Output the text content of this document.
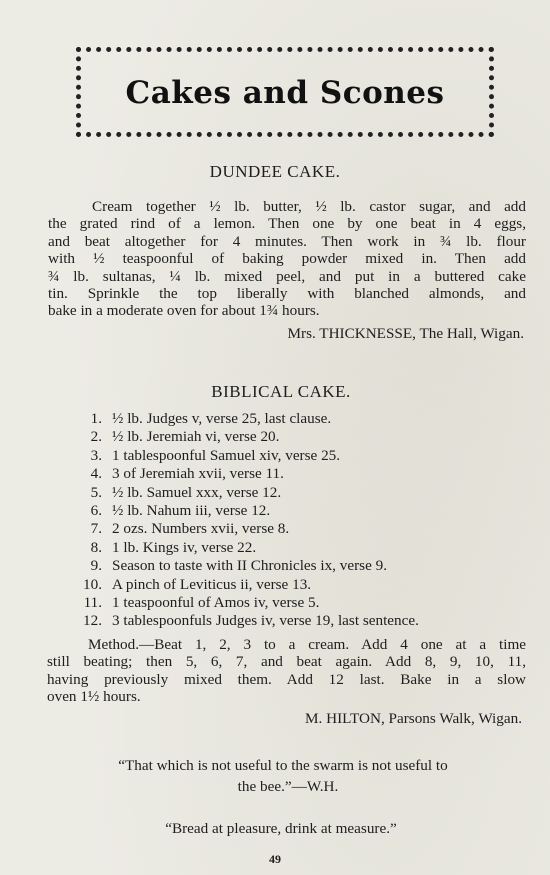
Cakes and Scones
DUNDEE CAKE.
Cream together ½ lb. butter, ½ lb. castor sugar, and add
the grated rind of a lemon. Then one by one beat in 4 eggs,
and beat altogether for 4 minutes. Then work in ¾ lb. flour
with ½ teaspoonful of baking powder mixed in. Then add
¾ lb. sultanas, ¼ lb. mixed peel, and put in a buttered cake
tin. Sprinkle the top liberally with blanched almonds, and
bake in a moderate oven for about 1¾ hours.
Mrs. THICKNESSE, The Hall, Wigan.
BIBLICAL CAKE.
1. ½ lb. Judges v, verse 25, last clause.
2. ½ lb. Jeremiah vi, verse 20.
3. 1 tablespoonful Samuel xiv, verse 25.
4. 3 of Jeremiah xvii, verse 11.
5. ½ lb. Samuel xxx, verse 12.
6. ½ lb. Nahum iii, verse 12.
7. 2 ozs. Numbers xvii, verse 8.
8. 1 lb. Kings iv, verse 22.
9. Season to taste with II Chronicles ix, verse 9.
10. A pinch of Leviticus ii, verse 13.
11. 1 teaspoonful of Amos iv, verse 5.
12. 3 tablespoonfuls Judges iv, verse 19, last sentence.
Method.—Beat 1, 2, 3 to a cream. Add 4 one at a time
still beating; then 5, 6, 7, and beat again. Add 8, 9, 10, 11,
having previously mixed them. Add 12 last. Bake in a slow
oven 1½ hours.
M. HILTON, Parsons Walk, Wigan.
“That which is not useful to the swarm is not useful to
the bee.”—W.H.
“Bread at pleasure, drink at measure.”
49
